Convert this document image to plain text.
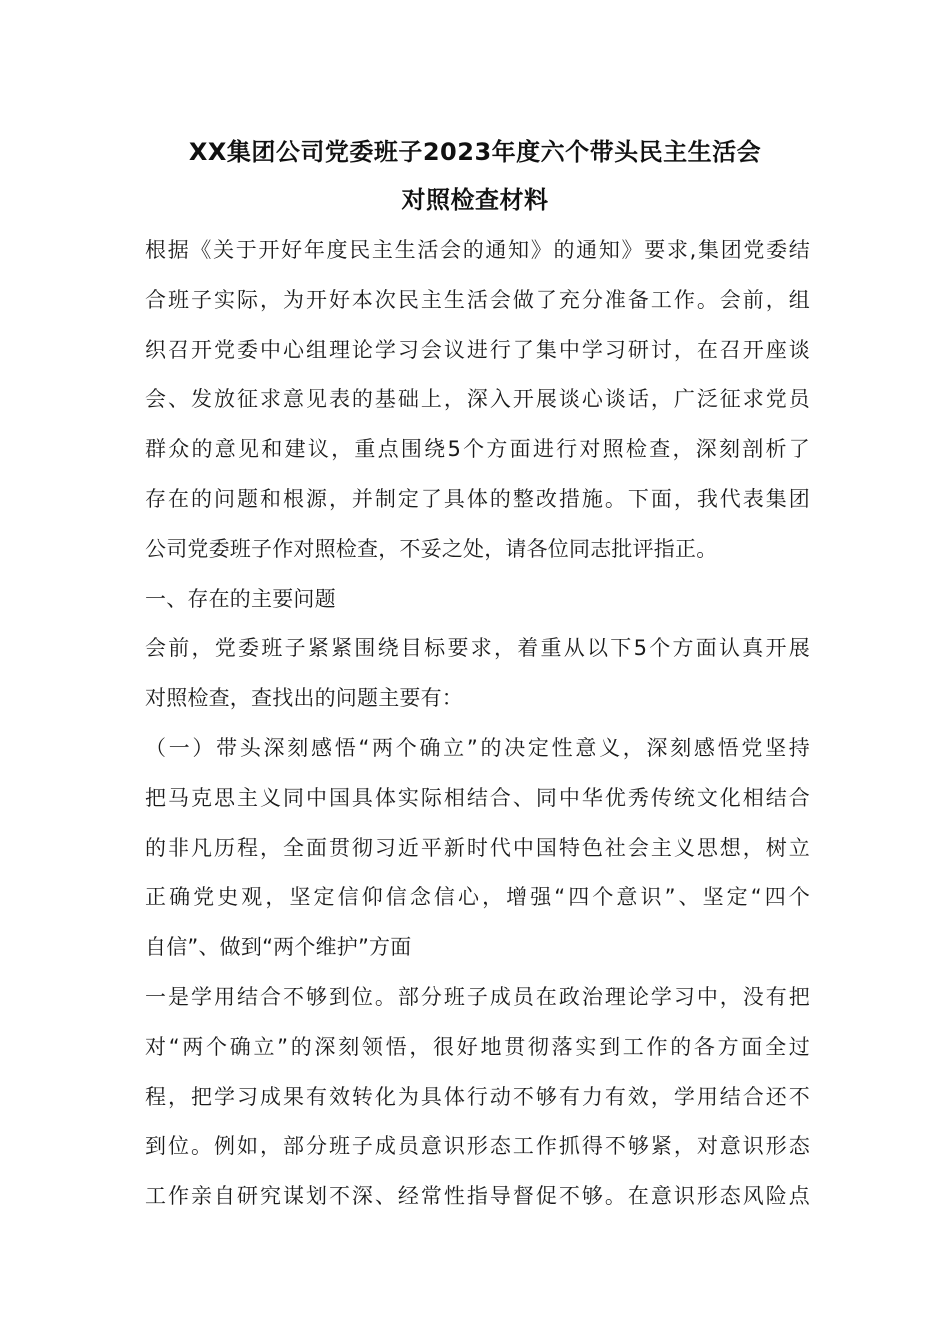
XX集团公司党委班子2023年度六个带头民主生活会
对照检查材料
根据《关于开好年度民主生活会的通知》的通知》要求,集团党委结
合班子实际，为开好本次民主生活会做了充分准备工作。会前，组
织召开党委中心组理论学习会议进行了集中学习研讨，在召开座谈
会、发放征求意见表的基础上，深入开展谈心谈话，广泛征求党员
群众的意见和建议，重点围绕5个方面进行对照检查，深刻剖析了
存在的问题和根源，并制定了具体的整改措施。下面，我代表集团
公司党委班子作对照检查，不妥之处，请各位同志批评指正。
一、存在的主要问题
会前，党委班子紧紧围绕目标要求，着重从以下5个方面认真开展
对照检查，查找出的问题主要有：
（一）带头深刻感悟“两个确立”的决定性意义，深刻感悟党坚持
把马克思主义同中国具体实际相结合、同中华优秀传统文化相结合
的非凡历程，全面贯彻习近平新时代中国特色社会主义思想，树立
正确党史观，坚定信仰信念信心，增强“四个意识”、坚定“四个
自信”、做到“两个维护”方面
一是学用结合不够到位。部分班子成员在政治理论学习中，没有把
对“两个确立”的深刻领悟，很好地贯彻落实到工作的各方面全过
程，把学习成果有效转化为具体行动不够有力有效，学用结合还不
到位。例如，部分班子成员意识形态工作抓得不够紧，对意识形态
工作亲自研究谋划不深、经常性指导督促不够。在意识形态风险点
